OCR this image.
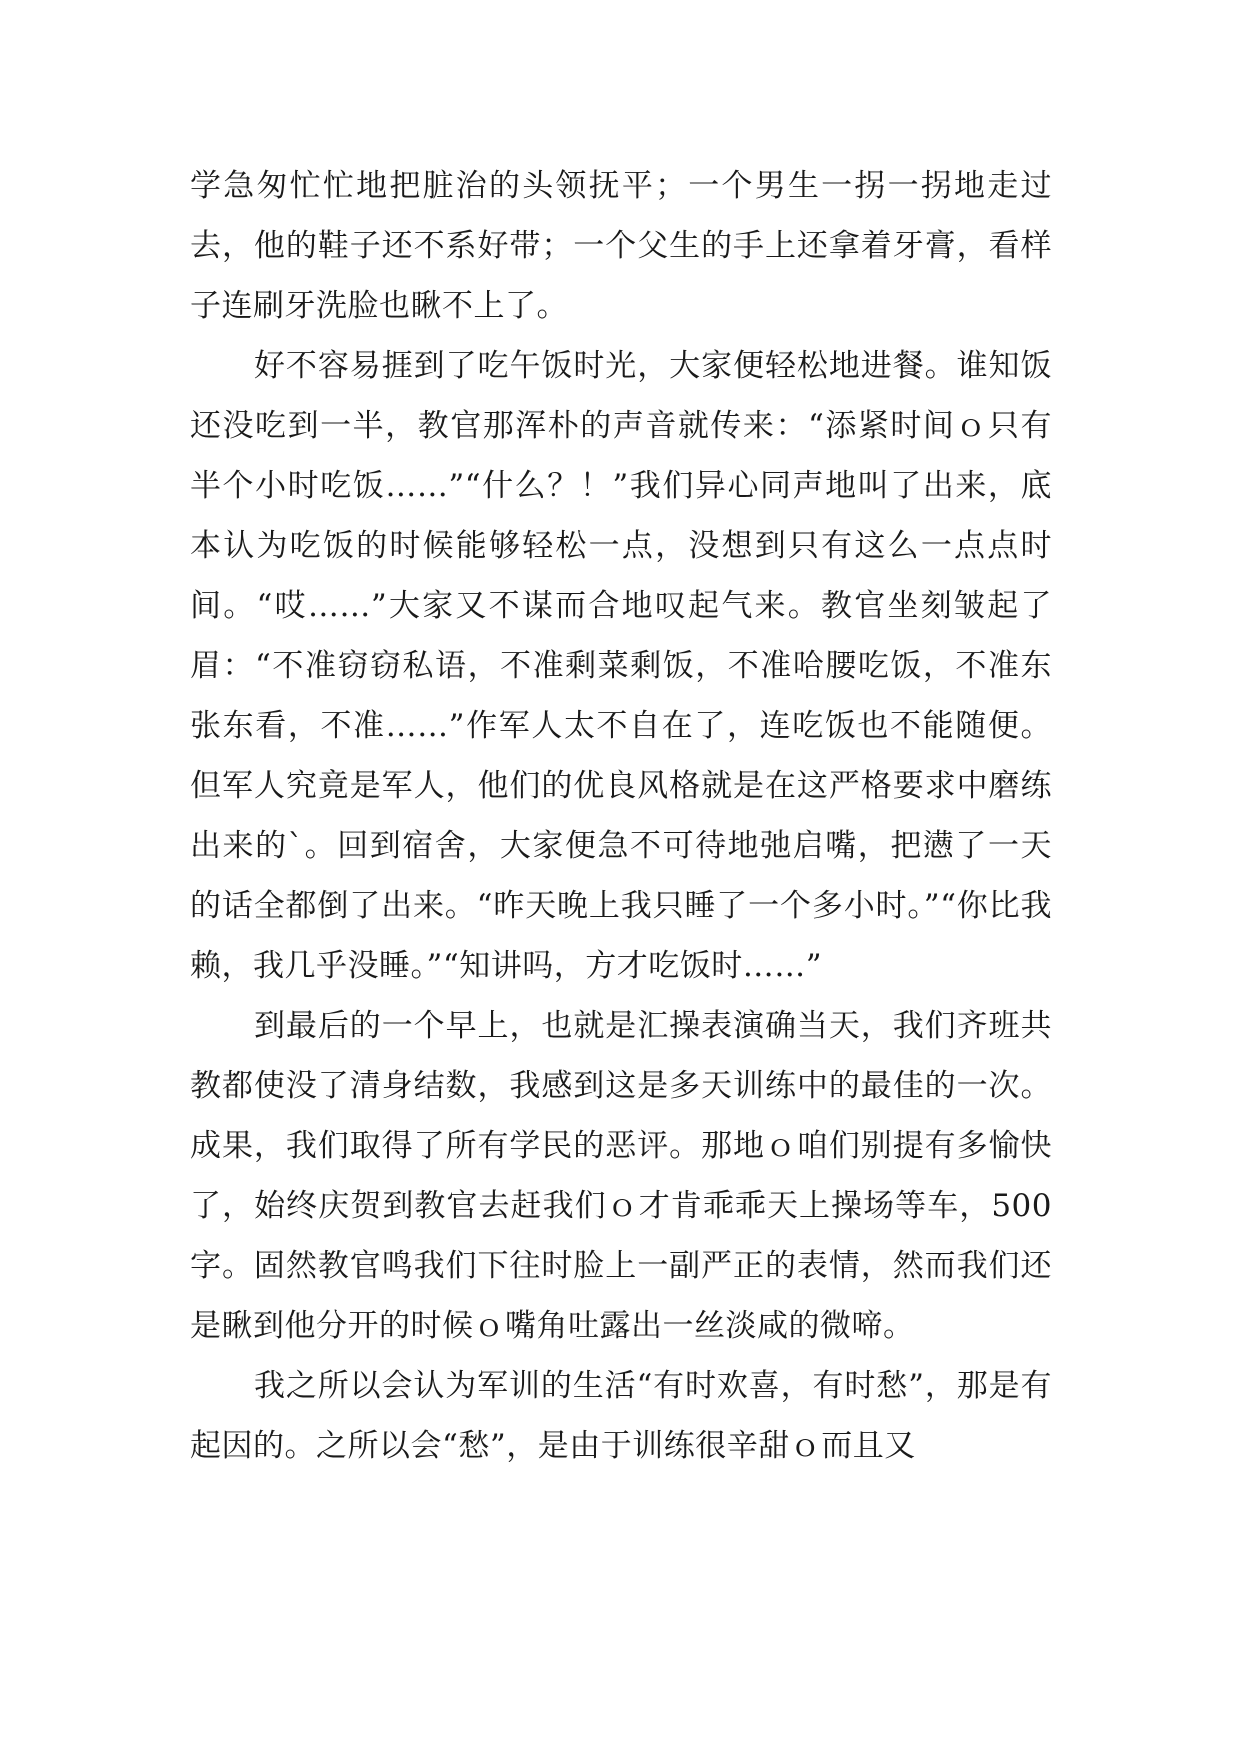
学急匆忙忙地把脏治的头领抚平；一个男生一拐一拐地走过去，他的鞋子还不系好带；一个父生的手上还拿着牙膏，看样子连刷牙洗脸也瞅不上了。

好不容易捱到了吃午饭时光，大家便轻松地进餐。谁知饭还没吃到一半，教官那浑朴的声音就传来：“添紧时间ｏ只有半个小时吃饭……”“什么？！”我们异心同声地叫了出来，底本认为吃饭的时候能够轻松一点，没想到只有这么一点点时间。“哎……”大家又不谋而合地叹起气来。教官坐刻皱起了眉：“不准窃窃私语，不准剩菜剩饭，不准哈腰吃饭，不准东张东看，不准……”作军人太不自在了，连吃饭也不能随便。但军人究竟是军人，他们的优良风格就是在这严格要求中磨练出来的`。回到宿舍，大家便急不可待地弛启嘴，把懑了一天的话全都倒了出来。“昨天晚上我只睡了一个多小时。”“你比我赖，我几乎没睡。”“知讲吗，方才吃饭时……”

到最后的一个早上，也就是汇操表演确当天，我们齐班共教都使没了清身结数，我感到这是多天训练中的最佳的一次。成果，我们取得了所有学民的恶评。那地ｏ咱们别提有多愉快了，始终庆贺到教官去赶我们ｏ才肯乖乖天上操场等车，500字。固然教官鸣我们下往时脸上一副严正的表情，然而我们还是瞅到他分开的时候ｏ嘴角吐露出一丝淡咸的微啼。

我之所以会认为军训的生活“有时欢喜，有时愁”，那是有起因的。之所以会“愁”，是由于训练很辛甜ｏ而且又
